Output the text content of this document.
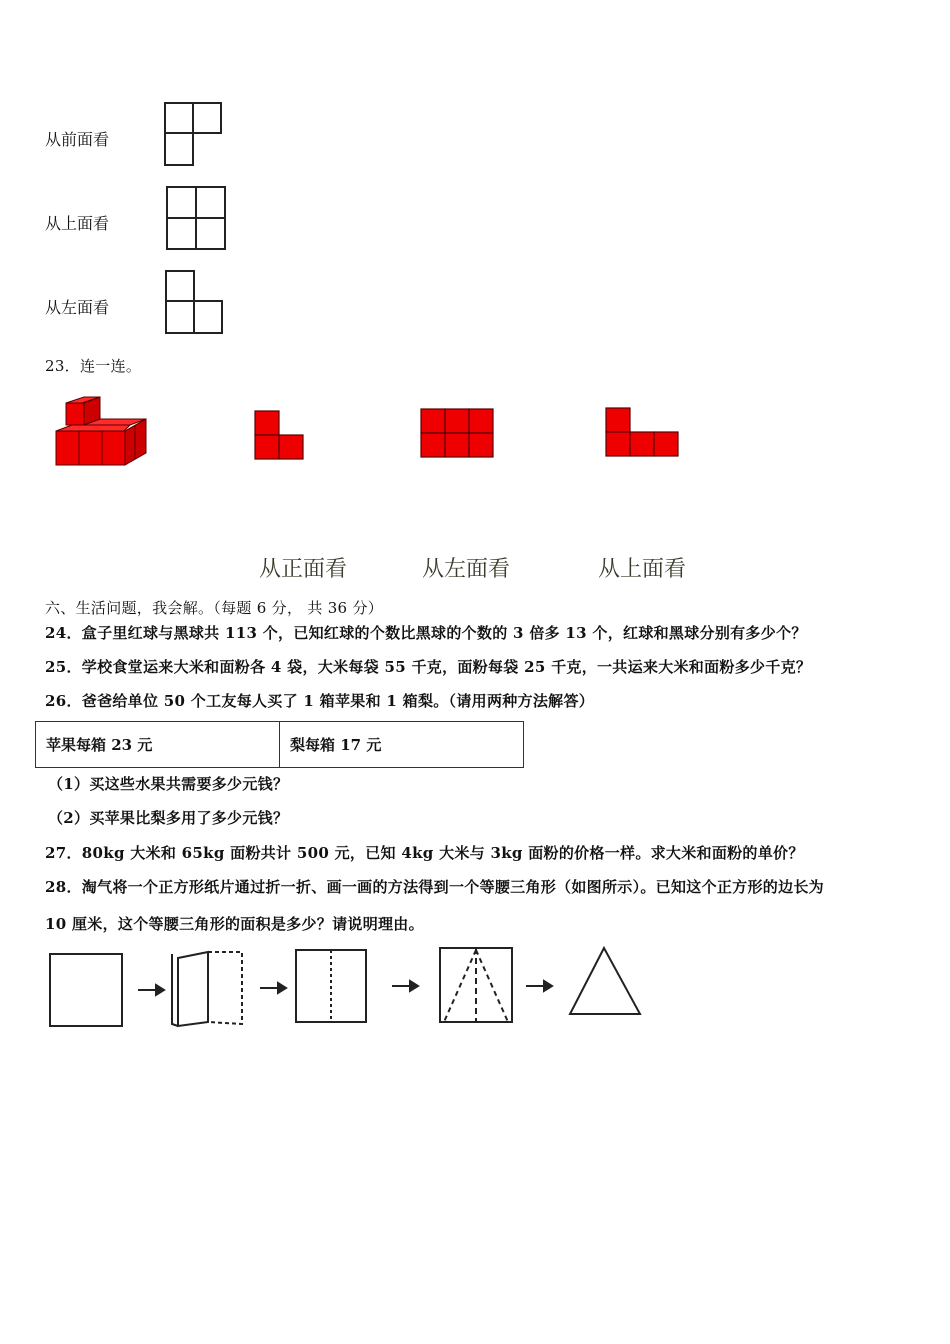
从前面看
从上面看
从左面看
23．连一连。
从正面看	从左面看	从上面看
六、生活问题，我会解。（每题 6 分， 共 36 分）
24．盒子里红球与黑球共 113 个，已知红球的个数比黑球的个数的 3 倍多 13 个，红球和黑球分别有多少个？
25．学校食堂运来大米和面粉各 4 袋，大米每袋 55 千克，面粉每袋 25 千克，一共运来大米和面粉多少千克？
26．爸爸给单位 50 个工友每人买了 1 箱苹果和 1 箱梨。（请用两种方法解答）
苹果每箱 23 元	梨每箱 17 元
（1）买这些水果共需要多少元钱？
（2）买苹果比梨多用了多少元钱？
27．80kg 大米和 65kg 面粉共计 500 元，已知 4kg 大米与 3kg 面粉的价格一样。求大米和面粉的单价？
28．淘气将一个正方形纸片通过折一折、画一画的方法得到一个等腰三角形（如图所示）。已知这个正方形的边长为
10 厘米，这个等腰三角形的面积是多少？请说明理由。
